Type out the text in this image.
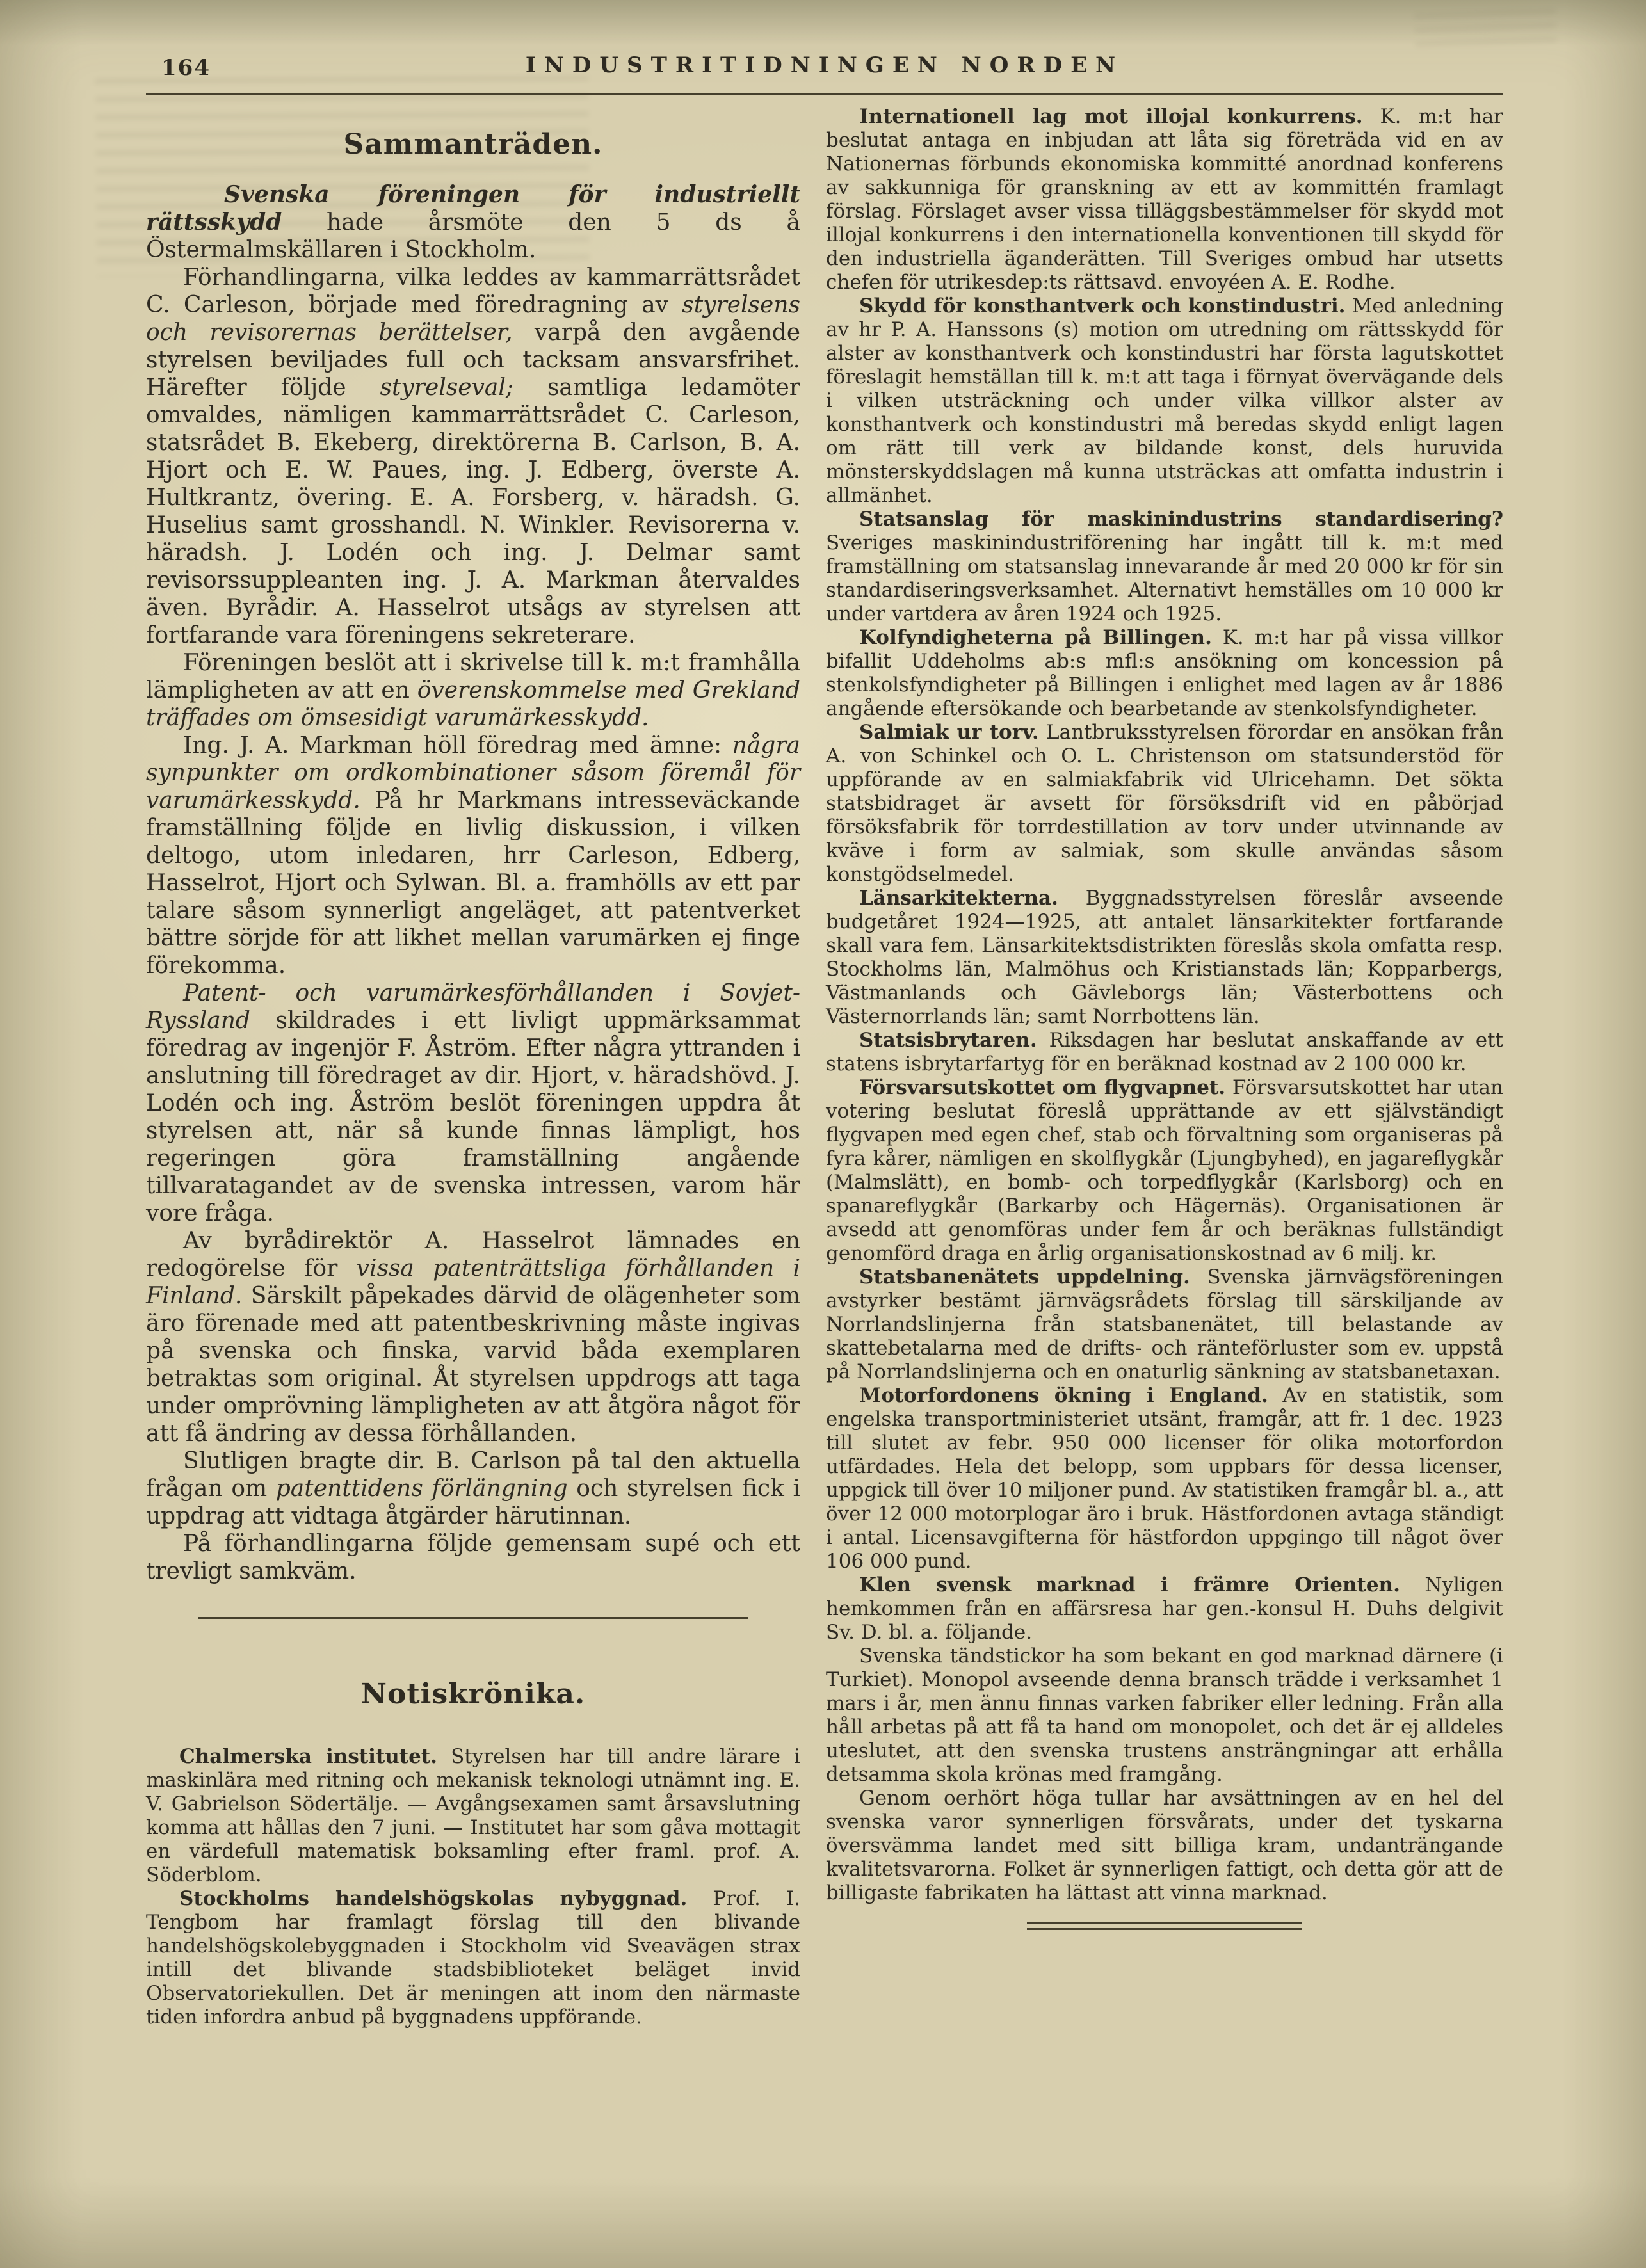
164	INDUSTRITIDNINGEN NORDEN
Sammanträden.

Svenska föreningen för industriellt rättsskydd hade årsmöte den 5 ds å Östermalmskällaren i Stockholm.

Förhandlingarna, vilka leddes av kammarrättsrådet C. Carleson, började med föredragning av styrelsens och revisorernas berättelser, varpå den avgående styrelsen beviljades full och tacksam ansvarsfrihet. Härefter följde styrelseval; samtliga ledamöter omvaldes, nämligen kammarrättsrådet C. Carleson, statsrådet B. Ekeberg, direktörerna B. Carlson, B. A. Hjort och E. W. Paues, ing. J. Edberg, överste A. Hultkrantz, övering. E. A. Forsberg, v. häradsh. G. Huselius samt grosshandl. N. Winkler. Revisorerna v. häradsh. J. Lodén och ing. J. Delmar samt revisorssuppleanten ing. J. A. Markman återvaldes även. Byrådir. A. Hasselrot utsågs av styrelsen att fortfarande vara föreningens sekreterare.

Föreningen beslöt att i skrivelse till k. m:t framhålla lämpligheten av att en överenskommelse med Grekland träffades om ömsesidigt varumärkesskydd.

Ing. J. A. Markman höll föredrag med ämne: några synpunkter om ordkombinationer såsom föremål för varumärkesskydd. På hr Markmans intresseväckande framställning följde en livlig diskussion, i vilken deltogo, utom inledaren, hrr Carleson, Edberg, Hasselrot, Hjort och Sylwan. Bl. a. framhölls av ett par talare såsom synnerligt angeläget, att patentverket bättre sörjde för att likhet mellan varumärken ej finge förekomma.

Patent- och varumärkesförhållanden i Sovjet-Ryssland skildrades i ett livligt uppmärksammat föredrag av ingenjör F. Åström. Efter några yttranden i anslutning till föredraget av dir. Hjort, v. häradshövd. J. Lodén och ing. Åström beslöt föreningen uppdra åt styrelsen att, när så kunde finnas lämpligt, hos regeringen göra framställning angående tillvaratagandet av de svenska intressen, varom här vore fråga.

Av byrådirektör A. Hasselrot lämnades en redogörelse för vissa patenträttsliga förhållanden i Finland. Särskilt påpekades därvid de olägenheter som äro förenade med att patentbeskrivning måste ingivas på svenska och finska, varvid båda exemplaren betraktas som original. Åt styrelsen uppdrogs att taga under omprövning lämpligheten av att åtgöra något för att få ändring av dessa förhållanden.

Slutligen bragte dir. B. Carlson på tal den aktuella frågan om patenttidens förlängning och styrelsen fick i uppdrag att vidtaga åtgärder härutinnan.

På förhandlingarna följde gemensam supé och ett trevligt samkväm.

Notiskrönika.

Chalmerska institutet. Styrelsen har till andre lärare i maskinlära med ritning och mekanisk teknologi utnämnt ing. E. V. Gabrielson Södertälje. — Avgångsexamen samt årsavslutning komma att hållas den 7 juni. — Institutet har som gåva mottagit en värdefull matematisk boksamling efter framl. prof. A. Söderblom.

Stockholms handelshögskolas nybyggnad. Prof. I. Tengbom har framlagt förslag till den blivande handelshögskolebyggnaden i Stockholm vid Sveavägen strax intill det blivande stadsbiblioteket beläget invid Observatoriekullen. Det är meningen att inom den närmaste tiden infordra anbud på byggnadens uppförande.

Internationell lag mot illojal konkurrens. K. m:t har beslutat antaga en inbjudan att låta sig företräda vid en av Nationernas förbunds ekonomiska kommitté anordnad konferens av sakkunniga för granskning av ett av kommittén framlagt förslag. Förslaget avser vissa tilläggsbestämmelser för skydd mot illojal konkurrens i den internationella konventionen till skydd för den industriella äganderätten. Till Sveriges ombud har utsetts chefen för utrikesdep:ts rättsavd. envoyéen A. E. Rodhe.

Skydd för konsthantverk och konstindustri. Med anledning av hr P. A. Hanssons (s) motion om utredning om rättsskydd för alster av konsthantverk och konstindustri har första lagutskottet föreslagit hemställan till k. m:t att taga i förnyat övervägande dels i vilken utsträckning och under vilka villkor alster av konsthantverk och konstindustri må beredas skydd enligt lagen om rätt till verk av bildande konst, dels huruvida mönsterskyddslagen må kunna utsträckas att omfatta industrin i allmänhet.

Statsanslag för maskinindustrins standardisering? Sveriges maskinindustriförening har ingått till k. m:t med framställning om statsanslag innevarande år med 20 000 kr för sin standardiseringsverksamhet. Alternativt hemställes om 10 000 kr under vartdera av åren 1924 och 1925.

Kolfyndigheterna på Billingen. K. m:t har på vissa villkor bifallit Uddeholms ab:s mfl:s ansökning om koncession på stenkolsfyndigheter på Billingen i enlighet med lagen av år 1886 angående eftersökande och bearbetande av stenkolsfyndigheter.

Salmiak ur torv. Lantbruksstyrelsen förordar en ansökan från A. von Schinkel och O. L. Christenson om statsunderstöd för uppförande av en salmiakfabrik vid Ulricehamn. Det sökta statsbidraget är avsett för försöksdrift vid en påbörjad försöksfabrik för torrdestillation av torv under utvinnande av kväve i form av salmiak, som skulle användas såsom konstgödselmedel.

Länsarkitekterna. Byggnadsstyrelsen föreslår avseende budgetåret 1924—1925, att antalet länsarkitekter fortfarande skall vara fem. Länsarkitektsdistrikten föreslås skola omfatta resp. Stockholms län, Malmöhus och Kristianstads län; Kopparbergs, Västmanlands och Gävleborgs län; Västerbottens och Västernorrlands län; samt Norrbottens län.

Statsisbrytaren. Riksdagen har beslutat anskaffande av ett statens isbrytarfartyg för en beräknad kostnad av 2 100 000 kr.

Försvarsutskottet om flygvapnet. Försvarsutskottet har utan votering beslutat föreslå upprättande av ett självständigt flygvapen med egen chef, stab och förvaltning som organiseras på fyra kårer, nämligen en skolflygkår (Ljungbyhed), en jagareflygkår (Malmslätt), en bomb- och torpedflygkår (Karlsborg) och en spanareflygkår (Barkarby och Hägernäs). Organisationen är avsedd att genomföras under fem år och beräknas fullständigt genomförd draga en årlig organisationskostnad av 6 milj. kr.

Statsbanenätets uppdelning. Svenska järnvägsföreningen avstyrker bestämt järnvägsrådets förslag till särskiljande av Norrlandslinjerna från statsbanenätet, till belastande av skattebetalarna med de drifts- och ränteförluster som ev. uppstå på Norrlandslinjerna och en onaturlig sänkning av statsbanetaxan.

Motorfordonens ökning i England. Av en statistik, som engelska transportministeriet utsänt, framgår, att fr. 1 dec. 1923 till slutet av febr. 950 000 licenser för olika motorfordon utfärdades. Hela det belopp, som uppbars för dessa licenser, uppgick till över 10 miljoner pund. Av statistiken framgår bl. a., att över 12 000 motorplogar äro i bruk. Hästfordonen avtaga ständigt i antal. Licensavgifterna för hästfordon uppgingo till något över 106 000 pund.

Klen svensk marknad i främre Orienten. Nyligen hemkommen från en affärsresa har gen.-konsul H. Duhs delgivit Sv. D. bl. a. följande.

Svenska tändstickor ha som bekant en god marknad därnere (i Turkiet). Monopol avseende denna bransch trädde i verksamhet 1 mars i år, men ännu finnas varken fabriker eller ledning. Från alla håll arbetas på att få ta hand om monopolet, och det är ej alldeles uteslutet, att den svenska trustens ansträngningar att erhålla detsamma skola krönas med framgång.

Genom oerhört höga tullar har avsättningen av en hel del svenska varor synnerligen försvårats, under det tyskarna översvämma landet med sitt billiga kram, undanträngande kvalitetsvarorna. Folket är synnerligen fattigt, och detta gör att de billigaste fabrikaten ha lättast att vinna marknad.
